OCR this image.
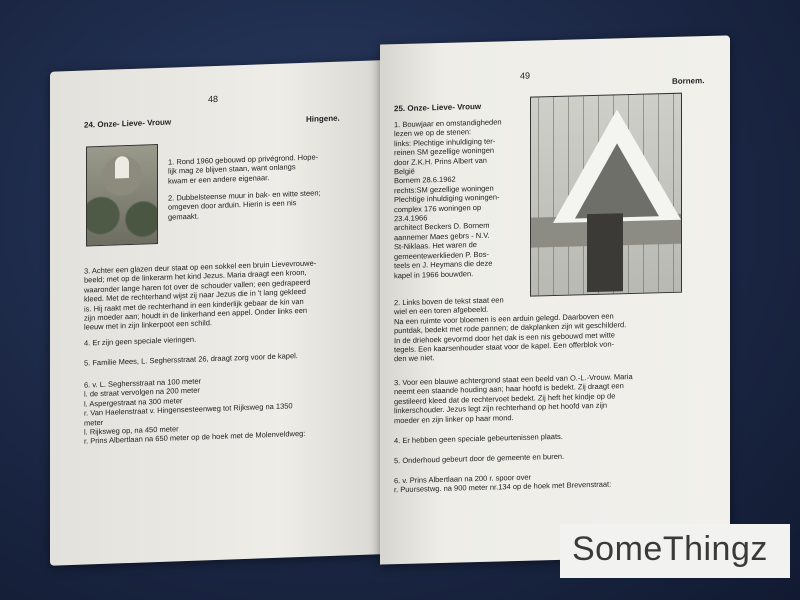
48
24. Onze- Lieve- Vrouw	Hingene.
1. Rond 1960 gebouwd op privégrond. Hope-
lijk mag ze blijven staan, want onlangs
kwam er een andere eigenaar.
2. Dubbelsteense muur in bak- en witte steen;
omgeven door arduin. Hierin is een nis
gemaakt.
3. Achter een glazen deur staat op een sokkel een bruin Lievevrouwe-
beeld; met op de linkerarm het kind Jezus. Maria draagt een kroon,
waaronder lange haren tot over de schouder vallen; een gedrapeerd
kleed. Met de rechterhand wijst zij naar Jezus die in 't lang gekleed
is. Hij raakt met de rechterhand in een kinderlijk gebaar de kin van
zijn moeder aan; houdt in de linkerhand een appel. Onder links een
leeuw met in zijn linkerpoot een schild.
4. Er zijn geen speciale vieringen.
5. Familie Mees, L. Seghersstraat 26, draagt zorg voor de kapel.
6. v. L. Seghersstraat na 100 meter
l. de straat vervolgen na 200 meter
l. Aspergestraat na 300 meter
r. Van Haelenstraat v. Hingensesteenweg tot Rijksweg na 1350
meter
l. Rijksweg op, na 450 meter
r. Prins Albertlaan na 650 meter op de hoek met de Molenveldweg:
49
25. Onze- Lieve- Vrouw
Bornem.
1. Bouwjaar en omstandigheden
lezen we op de stenen:
links: Plechtige inhuldiging ter-
reinen SM gezellige woningen
door Z.K.H. Prins Albert van
België
Bornem 28.6.1962
rechts:SM gezellige woningen
Plechtige inhuldiging woningen-
complex 176 woningen op
23.4.1966
architect Beckers D. Bornem
aannemer Maes gebrs - N.V.
St-Niklaas. Het waren de
gemeentewerklieden P. Bos-
teels en J. Heymans die deze
kapel in 1966 bouwden.
2. Links boven de tekst staat een
wiel en een toren afgebeeld.
Na een ruimte voor bloemen is een arduin gelegd. Daarboven een
puntdak, bedekt met rode pannen; de dakplanken zijn wit geschilderd.
In de driehoek gevormd door het dak is een nis gebouwd met witte
tegels. Een kaarsenhouder staat voor de kapel. Een offerblok von-
den we niet.
3. Voor een blauwe achtergrond staat een beeld van O.-L.-Vrouw. Maria
neemt een staande houding aan; haar hoofd is bedekt. Zij draagt een
gestileerd kleed dat de rechtervoet bedekt. Zij heft het kindje op de
linkerschouder. Jezus legt zijn rechterhand op het hoofd van zijn
moeder en zijn linker op haar mond.
4. Er hebben geen speciale gebeurtenissen plaats.
5. Onderhoud gebeurt door de gemeente en buren.
6. v. Prins Albertlaan na 200 r. spoor over
r. Puursestwg. na 900 meter nr.134 op de hoek met Brevenstraat:
SomeThingz
